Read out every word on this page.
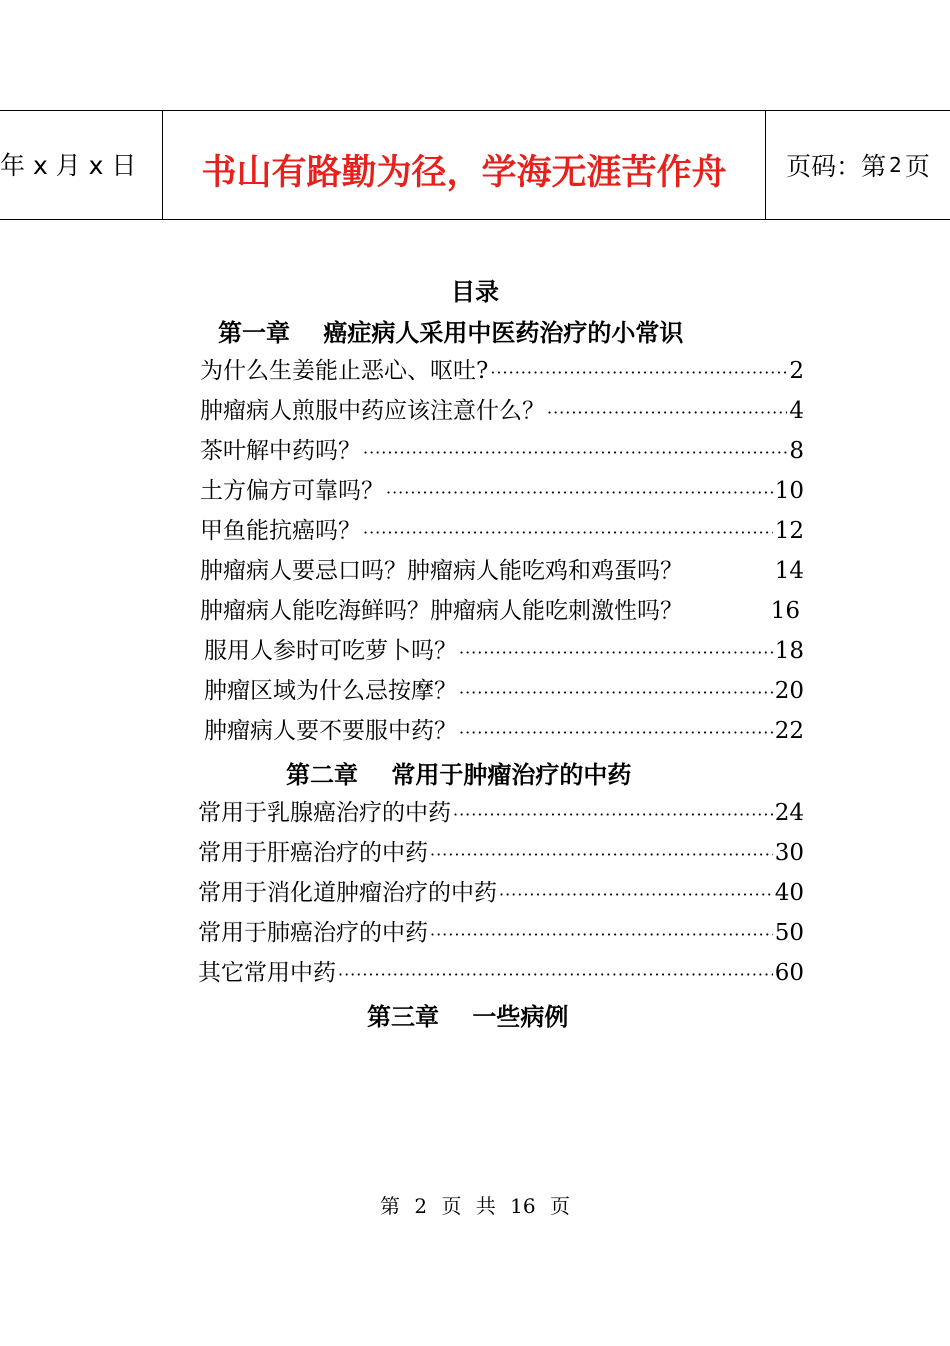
年 x 月 x 日 书山有路勤为径，学海无涯苦作舟 页码：第 2 页
目录
第一章    癌症病人采用中医药治疗的小常识
为什么生姜能止恶心、呕吐? ·····	2
肿瘤病人煎服中药应该注意什么？ ·····	4
茶叶解中药吗？ ·····	8
土方偏方可靠吗？ ·····	10
甲鱼能抗癌吗？ ·····	12
肿瘤病人要忌口吗？肿瘤病人能吃鸡和鸡蛋吗？	14
肿瘤病人能吃海鲜吗？肿瘤病人能吃刺激性吗？	16
服用人参时可吃萝卜吗？ ·····	18
肿瘤区域为什么忌按摩？ ·····	20
肿瘤病人要不要服中药？ ·····	22
第二章    常用于肿瘤治疗的中药
常用于乳腺癌治疗的中药 ·····	24
常用于肝癌治疗的中药 ·····	30
常用于消化道肿瘤治疗的中药 ·····	40
常用于肺癌治疗的中药 ·····	50
其它常用中药 ·····	60
第三章    一些病例
第 2 页 共 16 页
